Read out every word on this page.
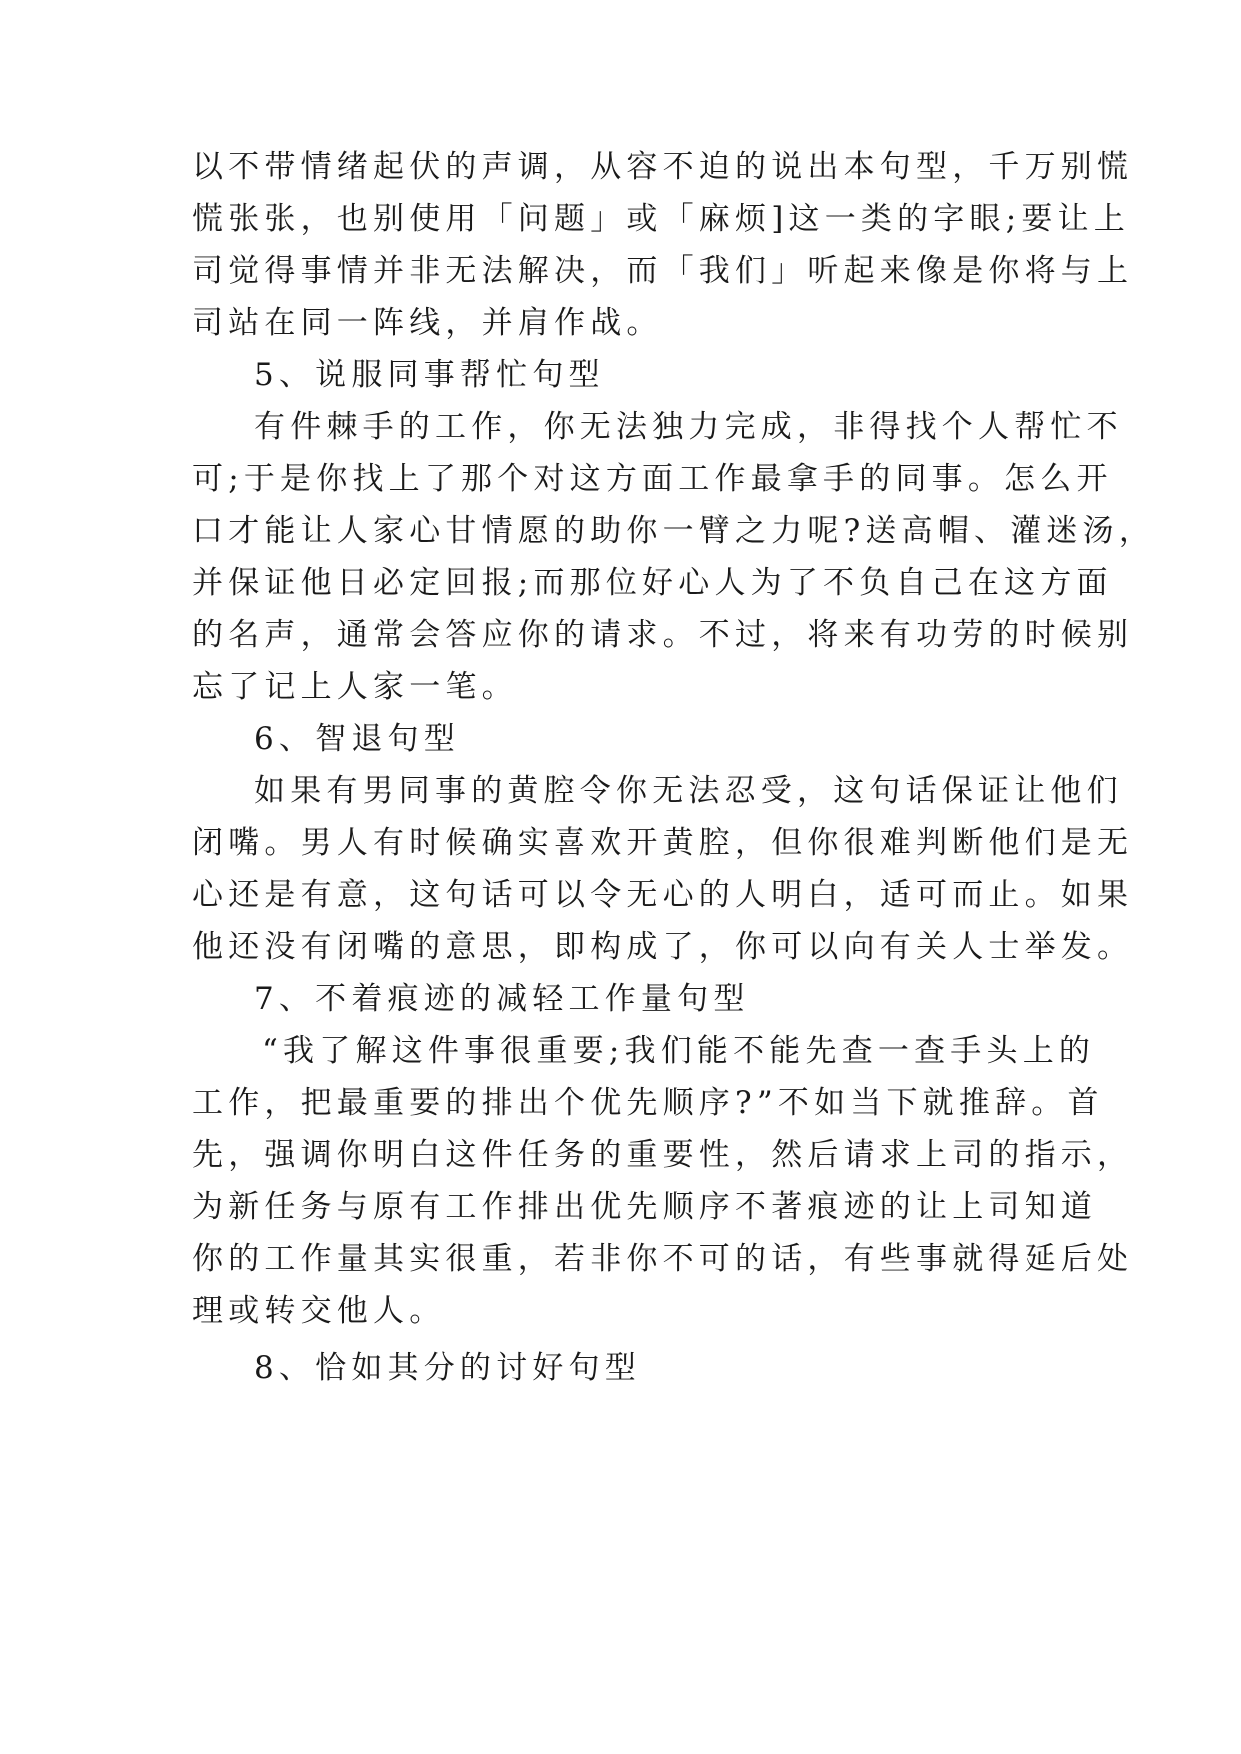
以不带情绪起伏的声调，从容不迫的说出本句型，千万别慌
慌张张，也别使用「问题」或「麻烦]这一类的字眼;要让上
司觉得事情并非无法解决，而「我们」听起来像是你将与上
司站在同一阵线，并肩作战。
5、说服同事帮忙句型
有件棘手的工作，你无法独力完成，非得找个人帮忙不
可;于是你找上了那个对这方面工作最拿手的同事。怎么开
口才能让人家心甘情愿的助你一臂之力呢?送高帽、灌迷汤，
并保证他日必定回报;而那位好心人为了不负自己在这方面
的名声，通常会答应你的请求。不过，将来有功劳的时候别
忘了记上人家一笔。
6、智退句型
如果有男同事的黄腔令你无法忍受，这句话保证让他们
闭嘴。男人有时候确实喜欢开黄腔，但你很难判断他们是无
心还是有意，这句话可以令无心的人明白，适可而止。如果
他还没有闭嘴的意思，即构成了，你可以向有关人士举发。
7、不着痕迹的减轻工作量句型
“我了解这件事很重要;我们能不能先查一查手头上的
工作，把最重要的排出个优先顺序?”不如当下就推辞。首
先，强调你明白这件任务的重要性，然后请求上司的指示，
为新任务与原有工作排出优先顺序不著痕迹的让上司知道
你的工作量其实很重，若非你不可的话，有些事就得延后处
理或转交他人。
8、恰如其分的讨好句型
